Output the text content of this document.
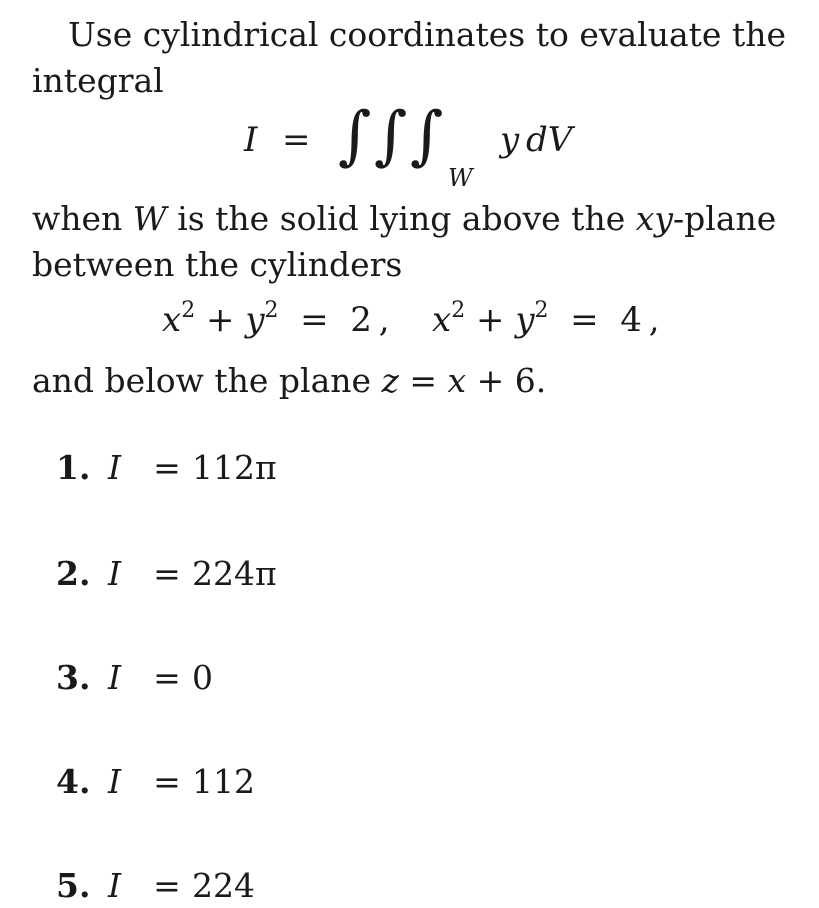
Use cylindrical coordinates to evaluate the
integral
I = ∫ ∫ ∫
W
y dV
when W is the solid lying above the xy-plane
between the cylinders
$x^2 + y^2 = 2$  , $x^2 + y^2 = 4$  ,
and below the plane z = x + 6.
1. I = 112π
2. I = 224π
3. I = 0
4. I = 112
5. I = 224
